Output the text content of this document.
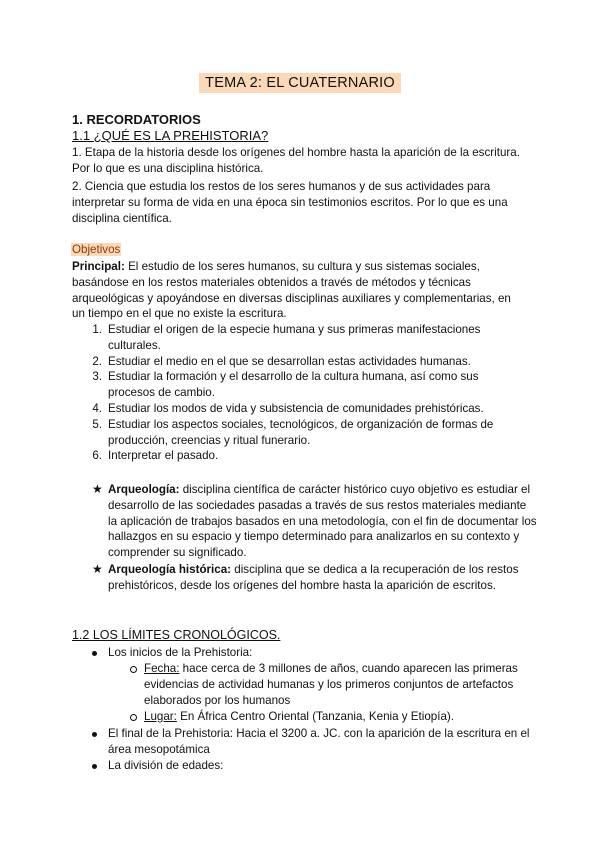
TEMA 2: EL CUATERNARIO
1. RECORDATORIOS
1.1 ¿QUÉ ES LA PREHISTORIA?
1. Etapa de la historia desde los orígenes del hombre hasta la aparición de la escritura. Por lo que es una disciplina histórica.
2. Ciencia que estudia los restos de los seres humanos y de sus actividades para interpretar su forma de vida en una época sin testimonios escritos. Por lo que es una disciplina científica.
Objetivos
Principal: El estudio de los seres humanos, su cultura y sus sistemas sociales, basándose en los restos materiales obtenidos a través de métodos y técnicas arqueológicas y apoyándose en diversas disciplinas auxiliares y complementarias, en un tiempo en el que no existe la escritura.
1. Estudiar el origen de la especie humana y sus primeras manifestaciones culturales.
2. Estudiar el medio en el que se desarrollan estas actividades humanas.
3. Estudiar la formación y el desarrollo de la cultura humana, así como sus procesos de cambio.
4. Estudiar los modos de vida y subsistencia de comunidades prehistóricas.
5. Estudiar los aspectos sociales, tecnológicos, de organización de formas de producción, creencias y ritual funerario.
6. Interpretar el pasado.
★ Arqueología: disciplina científica de carácter histórico cuyo objetivo es estudiar el desarrollo de las sociedades pasadas a través de sus restos materiales mediante la aplicación de trabajos basados en una metodología, con el fin de documentar los hallazgos en su espacio y tiempo determinado para analizarlos en su contexto y comprender su significado.
★ Arqueología histórica: disciplina que se dedica a la recuperación de los restos prehistóricos, desde los orígenes del hombre hasta la aparición de escritos.
1.2 LOS LÍMITES CRONOLÓGICOS.
Los inicios de la Prehistoria:
Fecha: hace cerca de 3 millones de años, cuando aparecen las primeras evidencias de actividad humanas y los primeros conjuntos de artefactos elaborados por los humanos
Lugar: En África Centro Oriental (Tanzania, Kenia y Etiopía).
El final de la Prehistoria: Hacia el 3200 a. JC. con la aparición de la escritura en el área mesopotámica
La división de edades:
